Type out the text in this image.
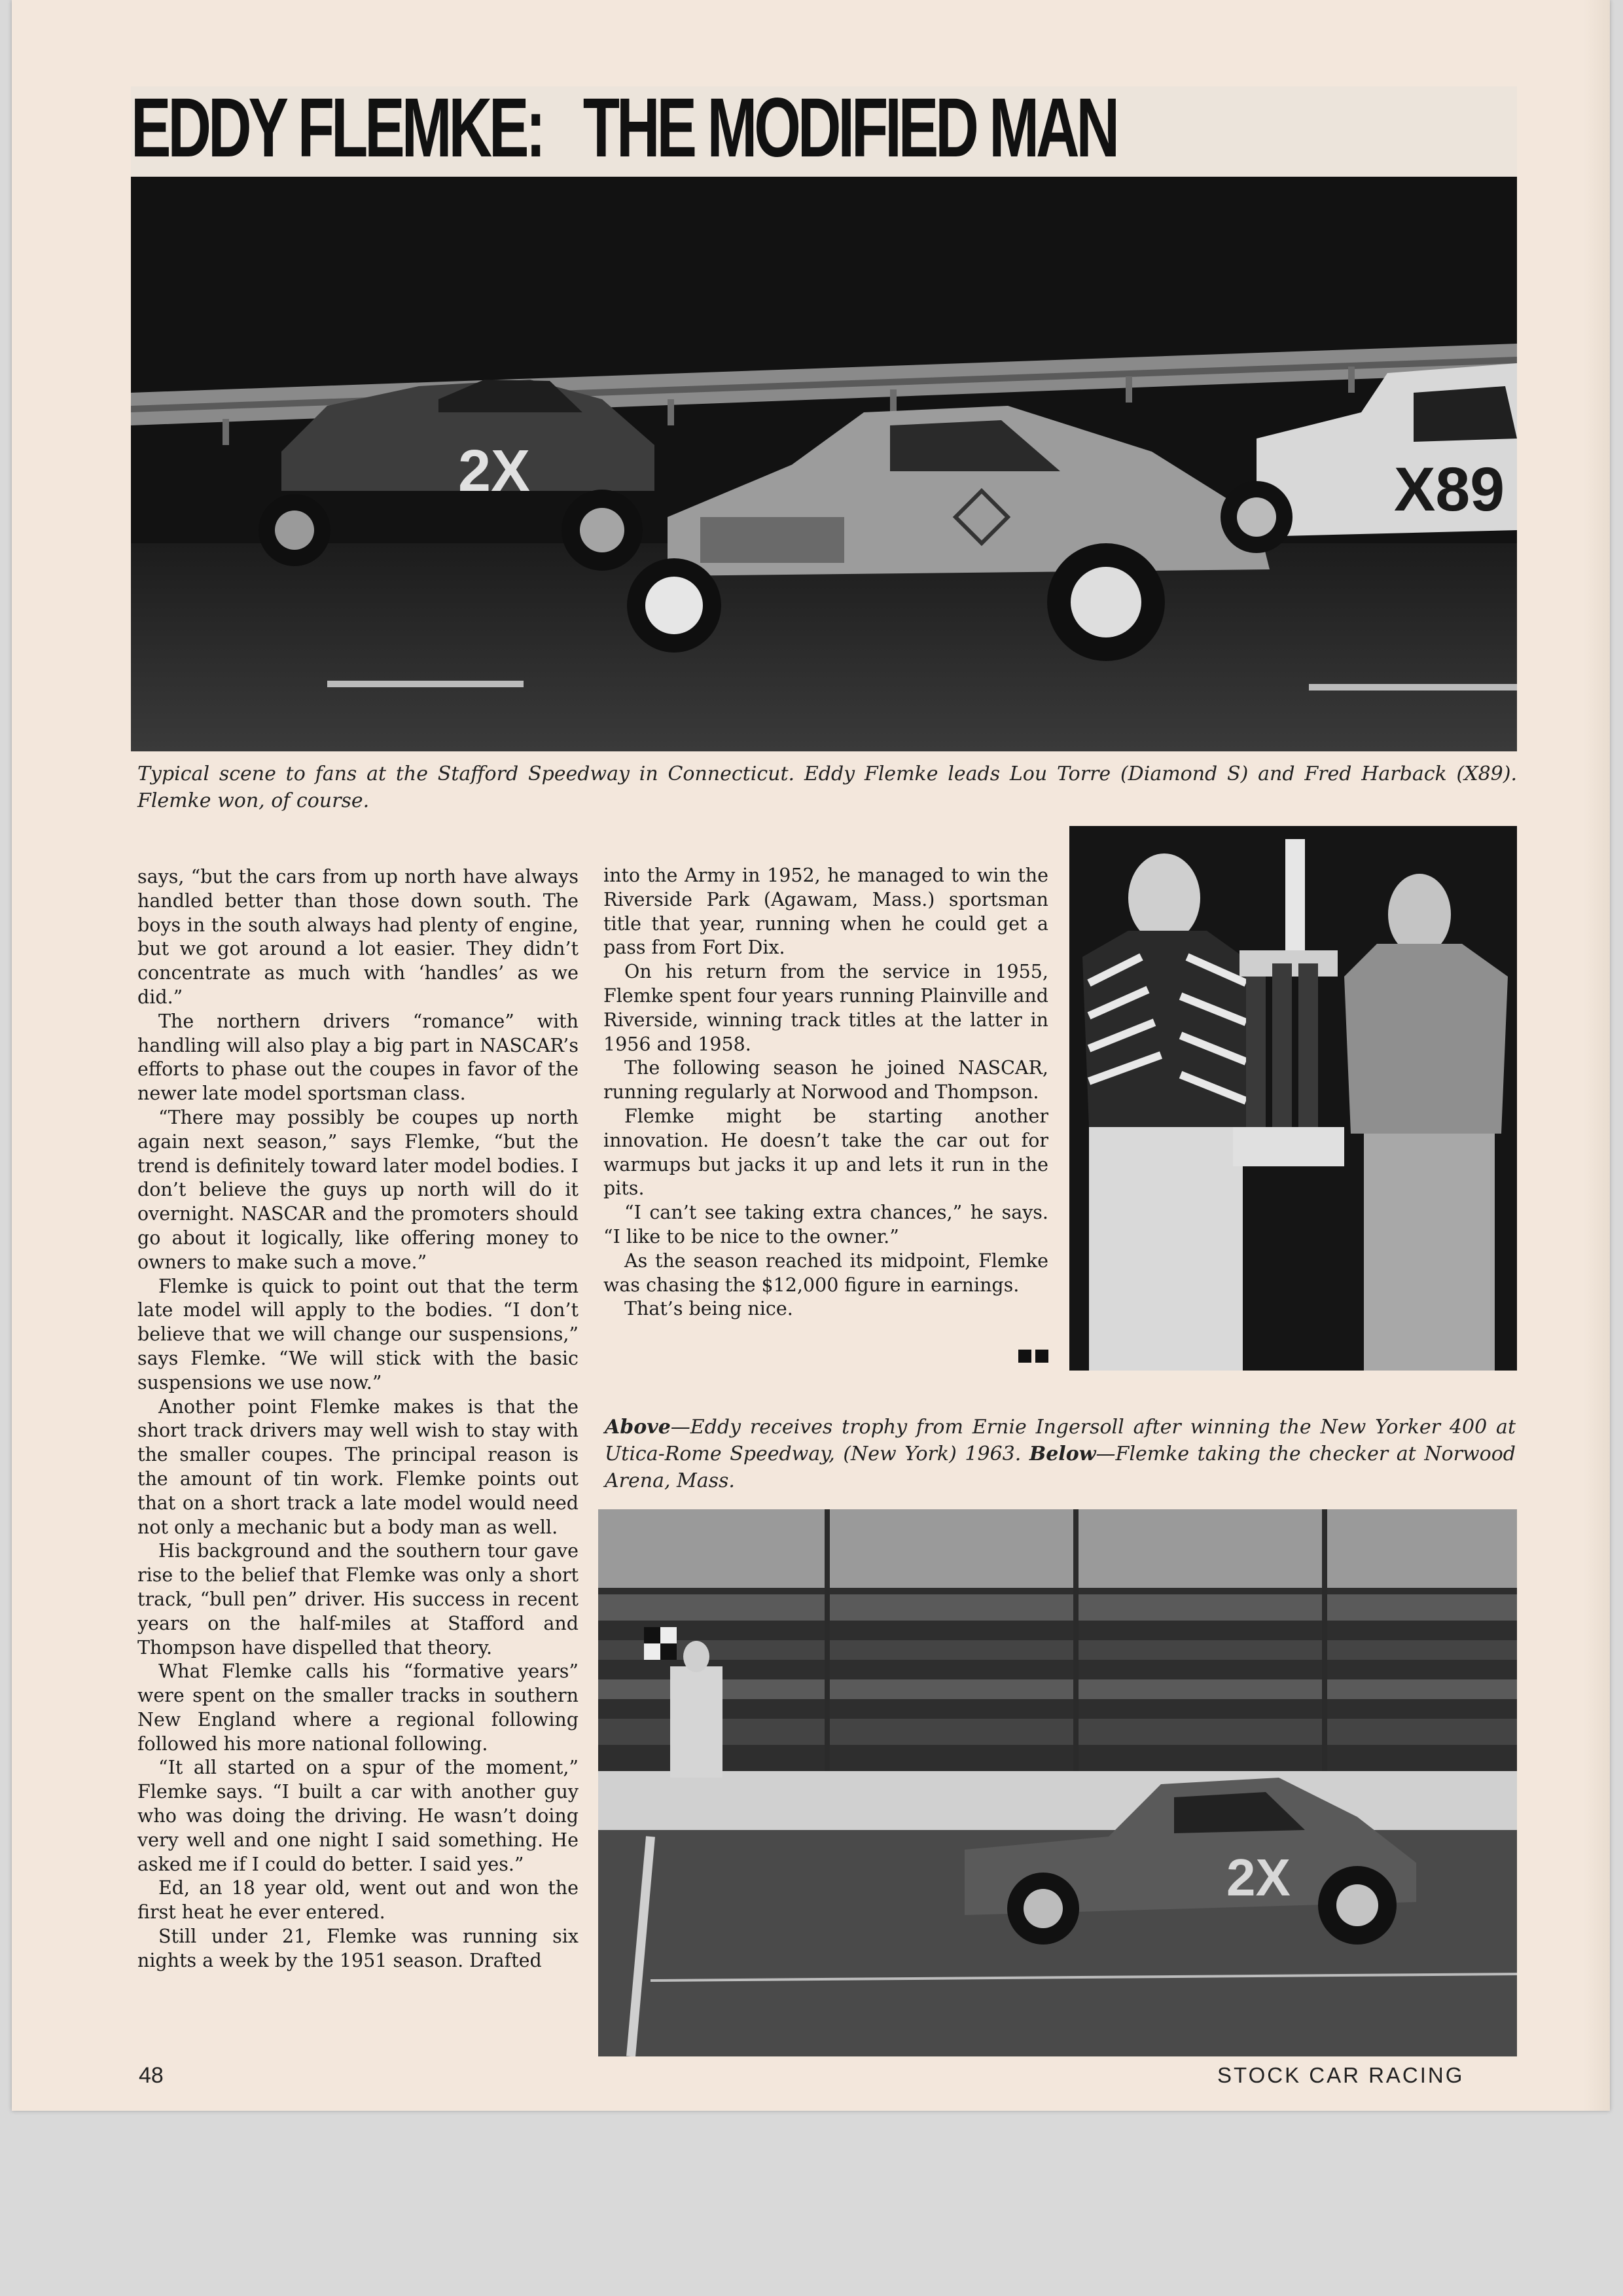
EDDY FLEMKE:   THE MODIFIED MAN
2X	X89

Typical scene to fans at the Stafford Speedway in Connecticut. Eddy Flemke leads Lou Torre (Diamond S) and Fred Harback (X89). Flemke won, of course.

says, “but the cars from up north have always handled better than those down south. The boys in the south always had plenty of engine, but we got around a lot easier. They didn’t concentrate as much with ‘handles’ as we did.”

The northern drivers “romance” with handling will also play a big part in NASCAR’s efforts to phase out the coupes in favor of the newer late model sportsman class.

“There may possibly be coupes up north again next season,” says Flemke, “but the trend is definitely toward later model bodies. I don’t believe the guys up north will do it overnight. NASCAR and the promoters should go about it logically, like offering money to owners to make such a move.”

Flemke is quick to point out that the term late model will apply to the bodies. “I don’t believe that we will change our suspensions,” says Flemke. “We will stick with the basic suspensions we use now.”

Another point Flemke makes is that the short track drivers may well wish to stay with the smaller coupes. The principal reason is the amount of tin work. Flemke points out that on a short track a late model would need not only a mechanic but a body man as well.

His background and the southern tour gave rise to the belief that Flemke was only a short track, “bull pen” driver. His success in recent years on the half-miles at Stafford and Thompson have dispelled that theory.

What Flemke calls his “formative years” were spent on the smaller tracks in southern New England where a regional following followed his more national following.

“It all started on a spur of the moment,” Flemke says. “I built a car with another guy who was doing the driving. He wasn’t doing very well and one night I said something. He asked me if I could do better. I said yes.”

Ed, an 18 year old, went out and won the first heat he ever entered.

Still under 21, Flemke was running six nights a week by the 1951 season. Drafted

into the Army in 1952, he managed to win the Riverside Park (Agawam, Mass.) sportsman title that year, running when he could get a pass from Fort Dix.

On his return from the service in 1955, Flemke spent four years running Plainville and Riverside, winning track titles at the latter in 1956 and 1958.

The following season he joined NASCAR, running regularly at Norwood and Thompson.

Flemke might be starting another innovation. He doesn’t take the car out for warmups but jacks it up and lets it run in the pits.

“I can’t see taking extra chances,” he says. “I like to be nice to the owner.”

As the season reached its midpoint, Flemke was chasing the $12,000 figure in earnings.

That’s being nice.

Above—Eddy receives trophy from Ernie Ingersoll after winning the New Yorker 400 at Utica-Rome Speedway, (New York) 1963. Below—Flemke taking the checker at Norwood Arena, Mass.

2X

48	STOCK CAR RACING
